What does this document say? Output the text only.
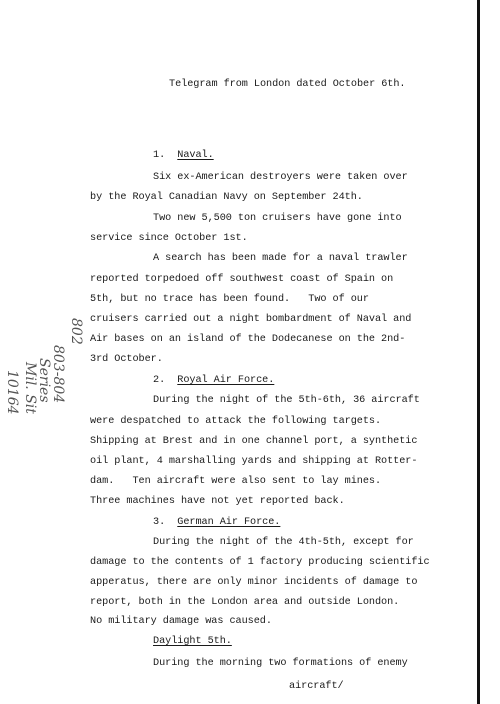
Telegram from London dated October 6th.
1. Naval.
Six ex-American destroyers were taken over
by the Royal Canadian Navy on September 24th.
Two new 5,500 ton cruisers have gone into
service since October 1st.
A search has been made for a naval trawler
reported torpedoed off southwest coast of Spain on
5th, but no trace has been found.   Two of our
cruisers carried out a night bombardment of Naval and
Air bases on an island of the Dodecanese on the 2nd-
3rd October.
2. Royal Air Force.
During the night of the 5th-6th, 36 aircraft
were despatched to attack the following targets.
Shipping at Brest and in one channel port, a synthetic
oil plant, 4 marshalling yards and shipping at Rotter-
dam.   Ten aircraft were also sent to lay mines.
Three machines have not yet reported back.
3. German Air Force.
During the night of the 4th-5th, except for
damage to the contents of 1 factory producing scientific
apperatus, there are only minor incidents of damage to
report, both in the London area and outside London.
No military damage was caused.
Daylight 5th.
During the morning two formations of enemy
aircraft/
10164 Mil. Sit
Series
803-804
802
